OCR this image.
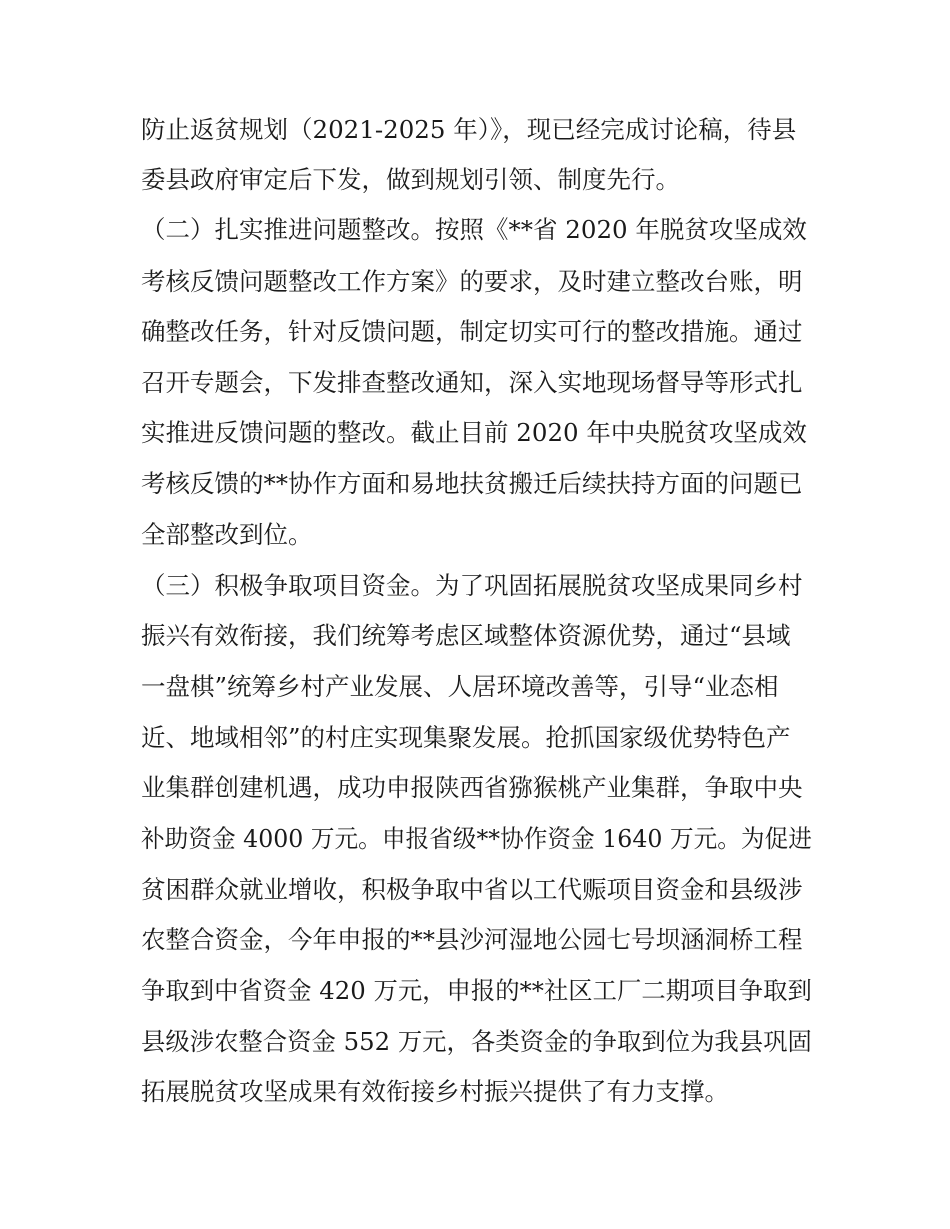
防止返贫规划（2021-2025 年）》，现已经完成讨论稿，待县
委县政府审定后下发，做到规划引领、制度先行。
（二）扎实推进问题整改。按照《**省 2020 年脱贫攻坚成效
考核反馈问题整改工作方案》的要求，及时建立整改台账，明
确整改任务，针对反馈问题，制定切实可行的整改措施。通过
召开专题会，下发排查整改通知，深入实地现场督导等形式扎
实推进反馈问题的整改。截止目前 2020 年中央脱贫攻坚成效
考核反馈的**协作方面和易地扶贫搬迁后续扶持方面的问题已
全部整改到位。
（三）积极争取项目资金。为了巩固拓展脱贫攻坚成果同乡村
振兴有效衔接，我们统筹考虑区域整体资源优势，通过“县域
一盘棋”统筹乡村产业发展、人居环境改善等，引导“业态相
近、地域相邻”的村庄实现集聚发展。抢抓国家级优势特色产
业集群创建机遇，成功申报陕西省猕猴桃产业集群，争取中央
补助资金 4000 万元。申报省级**协作资金 1640 万元。为促进
贫困群众就业增收，积极争取中省以工代赈项目资金和县级涉
农整合资金，今年申报的**县沙河湿地公园七号坝涵洞桥工程
争取到中省资金 420 万元，申报的**社区工厂二期项目争取到
县级涉农整合资金 552 万元，各类资金的争取到位为我县巩固
拓展脱贫攻坚成果有效衔接乡村振兴提供了有力支撑。
